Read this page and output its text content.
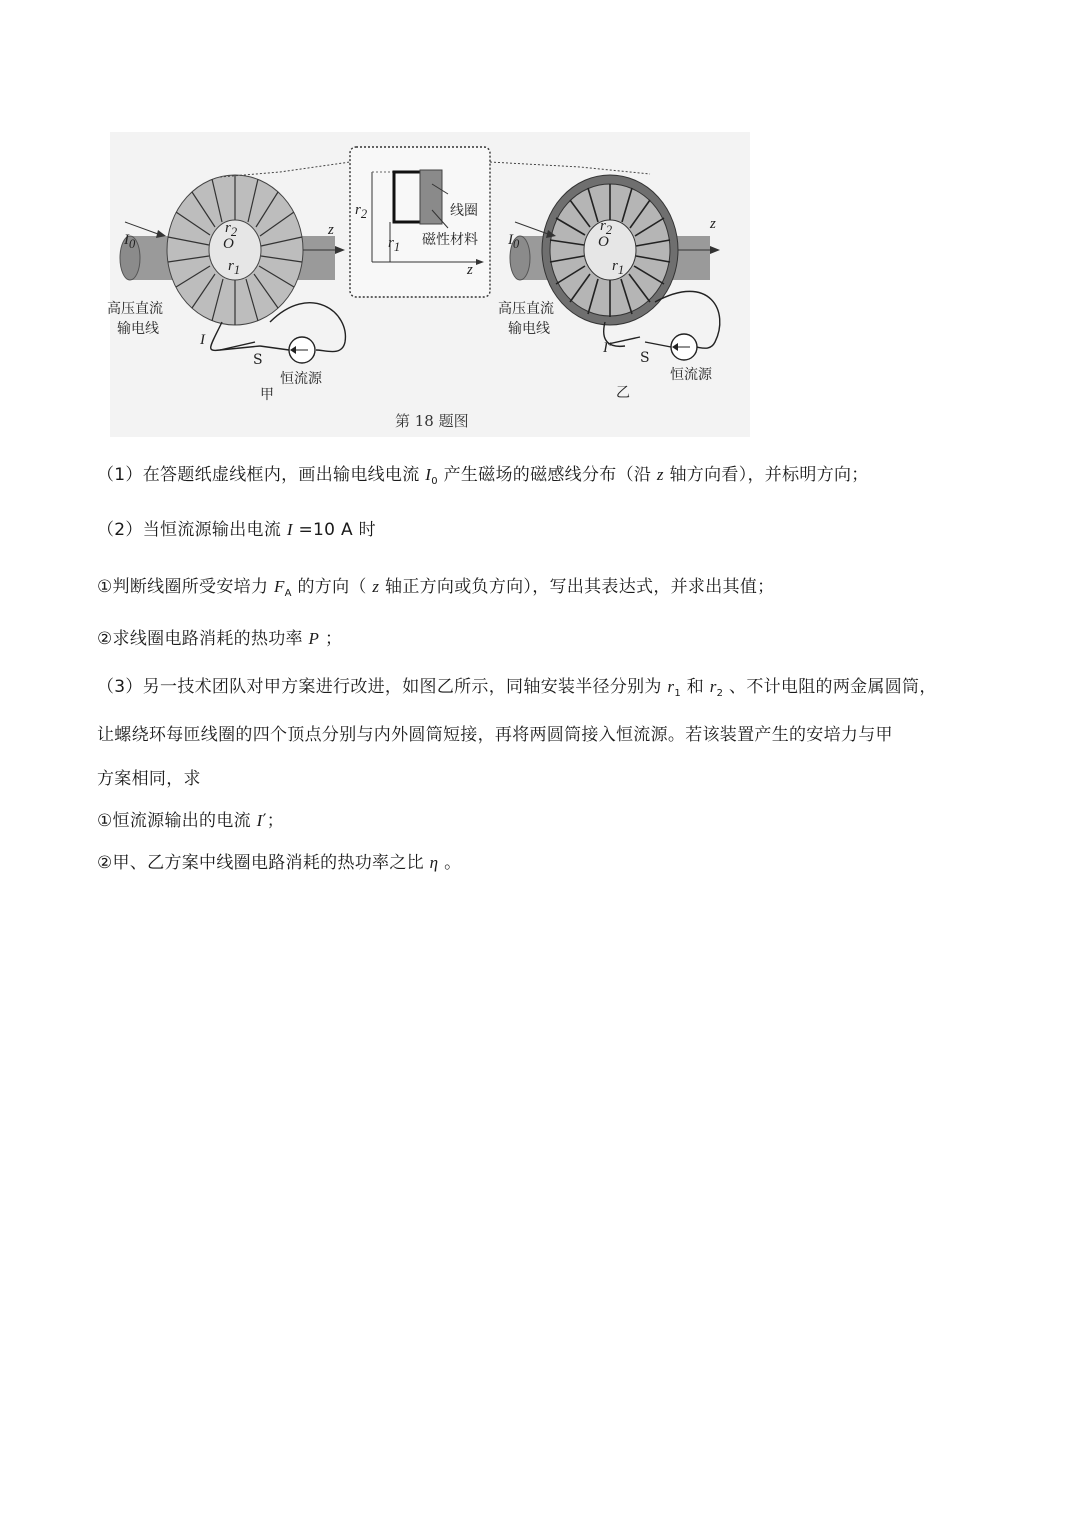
高压直流
输电线
$I_0$
I
S
恒流源
甲
z
$r_2$
$r_1$
O
线圈
磁性材料
$r_2$
$r_1$
z
高压直流
输电线
$I_0$
I′
S
恒流源
乙
z
$r_2$
$r_1$
O
第 18 题图
（1）在答题纸虚线框内，画出输电线电流 $I_0$ 产生磁场的磁感线分布（沿 z 轴方向看），并标明方向；
（2）当恒流源输出电流 I =10 A 时
①判断线圈所受安培力 $F_A$ 的方向（ z 轴正方向或负方向），写出其表达式，并求出其值；
②求线圈电路消耗的热功率 P ；
（3）另一技术团队对甲方案进行改进，如图乙所示，同轴安装半径分别为 $r_1$ 和 $r_2$ 、不计电阻的两金属圆筒，
让螺绕环每匝线圈的四个顶点分别与内外圆筒短接，再将两圆筒接入恒流源。若该装置产生的安培力与甲
方案相同，求
①恒流源输出的电流 I′；
②甲、乙方案中线圈电路消耗的热功率之比 η 。
